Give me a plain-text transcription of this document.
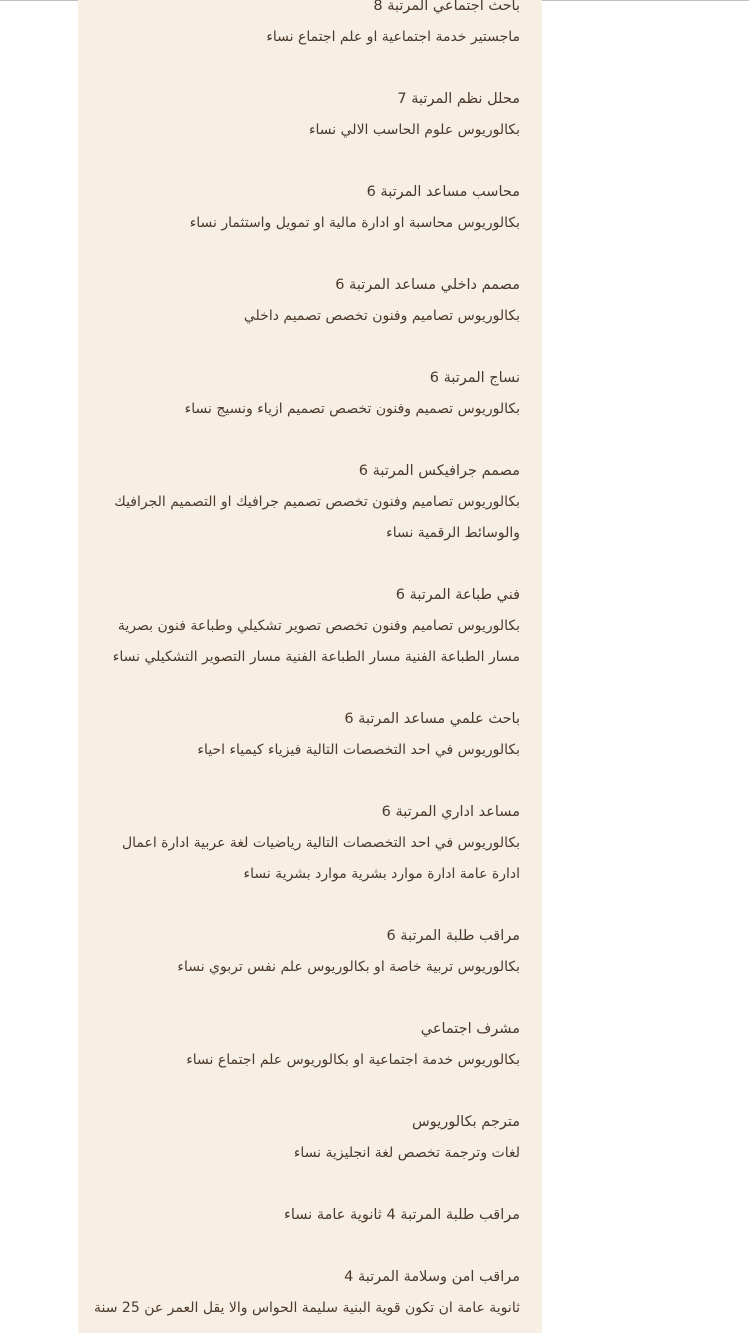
باحث اجتماعي المرتبة 8
ماجستير خدمة اجتماعية او علم اجتماع نساء
محلل نظم المرتبة 7
بكالوريوس علوم الحاسب الالي نساء
محاسب مساعد المرتبة 6
بكالوريوس محاسبة او ادارة مالية او تمويل واستثمار نساء
مصمم داخلي مساعد المرتبة 6
بكالوريوس تصاميم وفنون تخصص تصميم داخلي
نساج المرتبة 6
بكالوريوس تصميم وفنون تخصص تصميم ازياء ونسيج نساء
مصمم جرافيكس المرتبة 6
بكالوريوس تصاميم وفنون تخصص تصميم جرافيك او التصميم الجرافيك
والوسائط الرقمية نساء
فني طباعة المرتبة 6
بكالوريوس تصاميم وفنون تخصص تصوير تشكيلي وطباعة فنون بصرية
مسار الطباعة الفنية مسار الطباعة الفنية مسار التصوير التشكيلي نساء
باحث علمي مساعد المرتبة 6
بكالوريوس في احد التخصصات التالية فيزياء كيمياء احياء
مساعد اداري المرتبة 6
بكالوريوس في احد التخصصات التالية رياضيات لغة عربية ادارة اعمال
ادارة عامة ادارة موارد بشرية موارد بشرية نساء
مراقب طلبة المرتبة 6
بكالوريوس تربية خاصة او بكالوريوس علم نفس تربوي نساء
مشرف اجتماعي
بكالوريوس خدمة اجتماعية او بكالوريوس علم اجتماع نساء
مترجم بكالوريوس
لغات وترجمة تخصص لغة انجليزية نساء
مراقب طلبة المرتبة 4 ثانوية عامة نساء
مراقب امن وسلامة المرتبة 4
ثانوية عامة ان تكون قوية البنية سليمة الحواس والا يقل العمر عن 25 سنة
